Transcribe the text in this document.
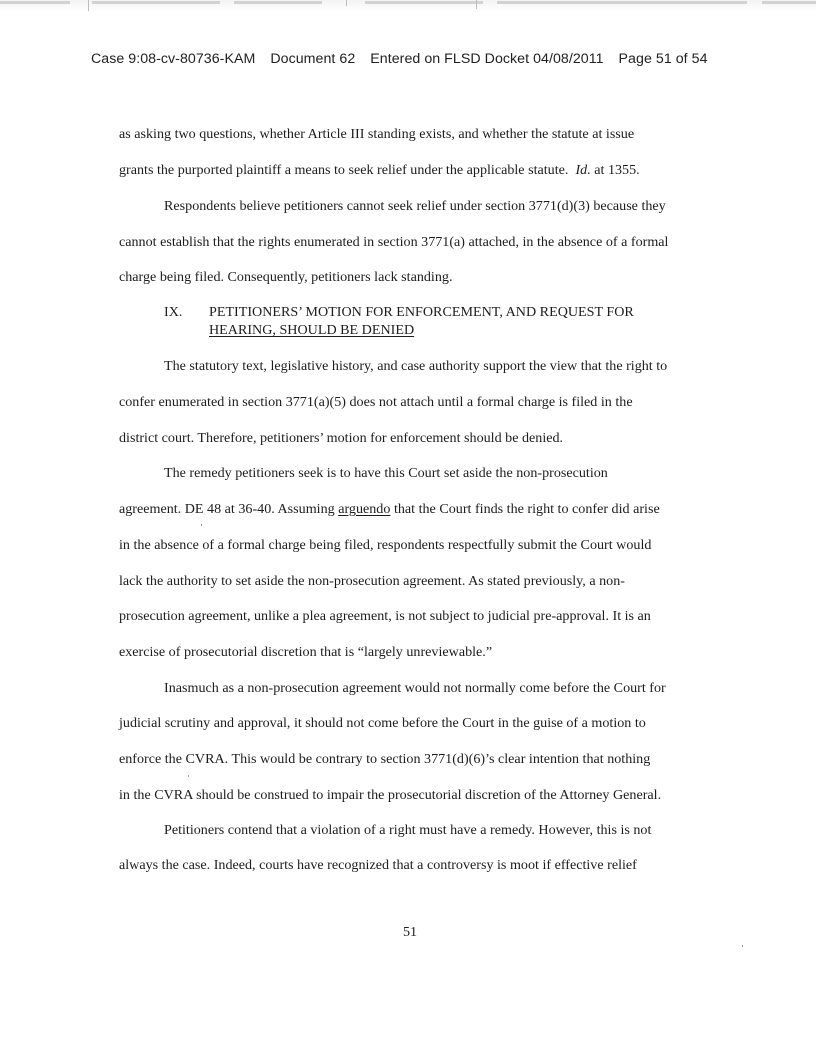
Case 9:08-cv-80736-KAM Document 62 Entered on FLSD Docket 04/08/2011 Page 51 of 54
as asking two questions, whether Article III standing exists, and whether the statute at issue
grants the purported plaintiff a means to seek relief under the applicable statute. Id. at 1355.
Respondents believe petitioners cannot seek relief under section 3771(d)(3) because they
cannot establish that the rights enumerated in section 3771(a) attached, in the absence of a formal
charge being filed. Consequently, petitioners lack standing.
IX. PETITIONERS’ MOTION FOR ENFORCEMENT, AND REQUEST FOR
HEARING, SHOULD BE DENIED
The statutory text, legislative history, and case authority support the view that the right to
confer enumerated in section 3771(a)(5) does not attach until a formal charge is filed in the
district court. Therefore, petitioners’ motion for enforcement should be denied.
The remedy petitioners seek is to have this Court set aside the non-prosecution
agreement. DE 48 at 36-40. Assuming arguendo that the Court finds the right to confer did arise
in the absence of a formal charge being filed, respondents respectfully submit the Court would
lack the authority to set aside the non-prosecution agreement. As stated previously, a non-
prosecution agreement, unlike a plea agreement, is not subject to judicial pre-approval. It is an
exercise of prosecutorial discretion that is “largely unreviewable.”
Inasmuch as a non-prosecution agreement would not normally come before the Court for
judicial scrutiny and approval, it should not come before the Court in the guise of a motion to
enforce the CVRA. This would be contrary to section 3771(d)(6)’s clear intention that nothing
in the CVRA should be construed to impair the prosecutorial discretion of the Attorney General.
Petitioners contend that a violation of a right must have a remedy. However, this is not
always the case. Indeed, courts have recognized that a controversy is moot if effective relief
51
